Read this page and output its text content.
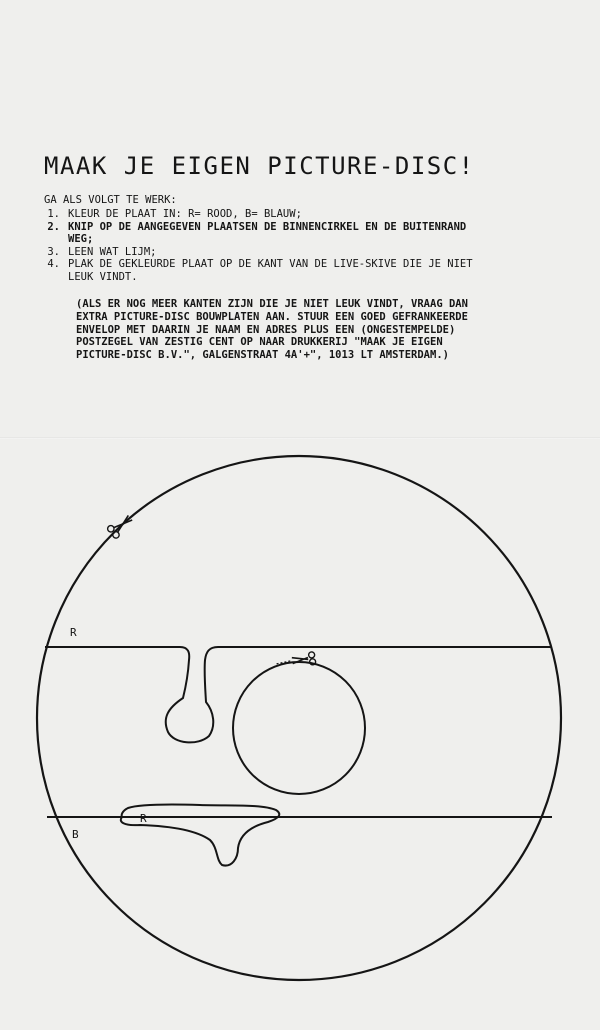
MAAK JE EIGEN PICTURE-DISC!
GA ALS VOLGT TE WERK:
1. KLEUR DE PLAAT IN: R= ROOD, B= BLAUW;
2. KNIP OP DE AANGEGEVEN PLAATSEN DE BINNENCIRKEL EN DE BUITENRAND
WEG;
3. LEEN WAT LIJM;
4. PLAK DE GEKLEURDE PLAAT OP DE KANT VAN DE LIVE-SKIVE DIE JE NIET
LEUK VINDT.
(ALS ER NOG MEER KANTEN ZIJN DIE JE NIET LEUK VINDT, VRAAG DAN
EXTRA PICTURE-DISC BOUWPLATEN AAN. STUUR EEN GOED GEFRANKEERDE
ENVELOP MET DAARIN JE NAAM EN ADRES PLUS EEN (ONGESTEMPELDE)
POSTZEGEL VAN ZESTIG CENT OP NAAR DRUKKERIJ "MAAK JE EIGEN
PICTURE-DISC B.V.", GALGENSTRAAT 4A'+", 1013 LT AMSTERDAM.)
R
B
R
